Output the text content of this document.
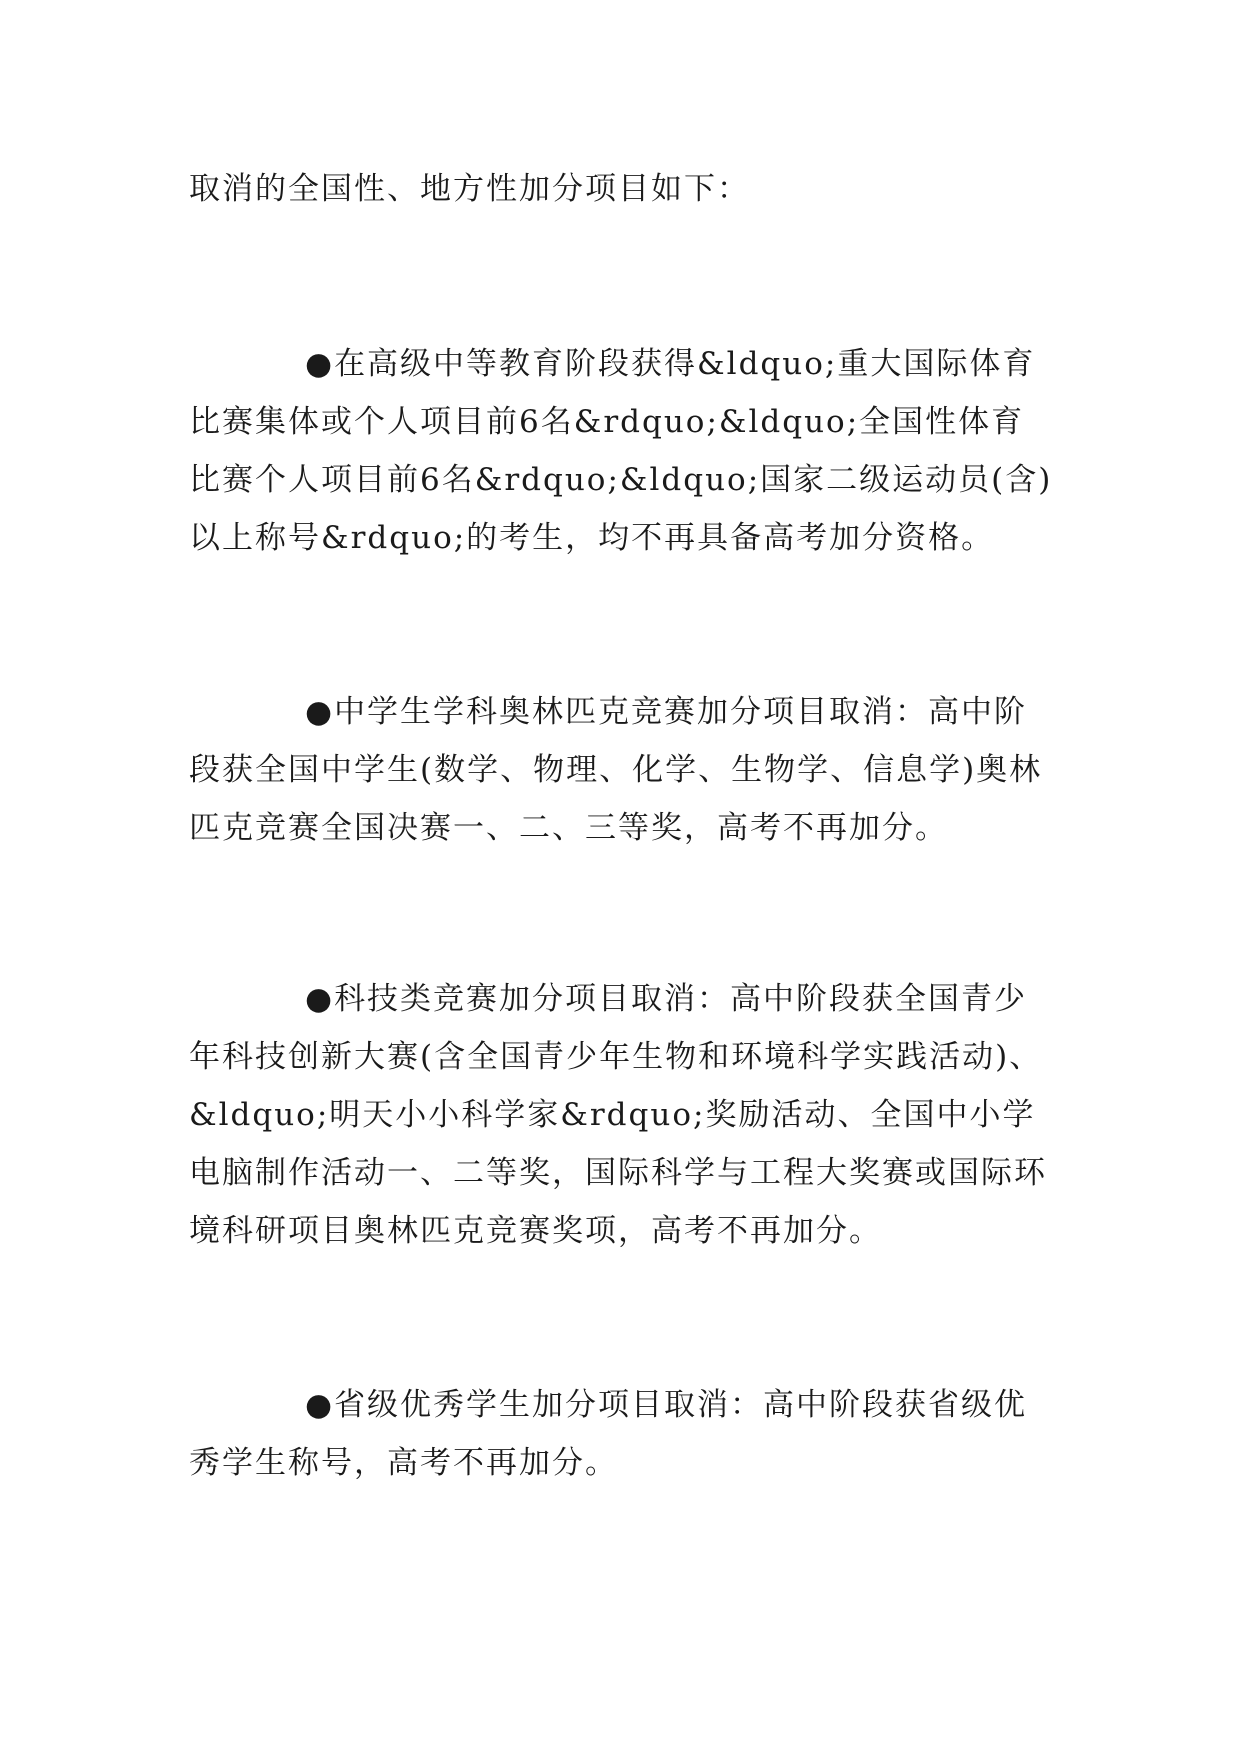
取消的全国性、地方性加分项目如下：

●在高级中等教育阶段获得&ldquo;重大国际体育比赛集体或个人项目前6名&rdquo;&ldquo;全国性体育比赛个人项目前6名&rdquo;&ldquo;国家二级运动员(含)以上称号&rdquo;的考生，均不再具备高考加分资格。

●中学生学科奥林匹克竞赛加分项目取消：高中阶段获全国中学生(数学、物理、化学、生物学、信息学)奥林匹克竞赛全国决赛一、二、三等奖，高考不再加分。

●科技类竞赛加分项目取消：高中阶段获全国青少年科技创新大赛(含全国青少年生物和环境科学实践活动)、&ldquo;明天小小科学家&rdquo;奖励活动、全国中小学电脑制作活动一、二等奖，国际科学与工程大奖赛或国际环境科研项目奥林匹克竞赛奖项，高考不再加分。

●省级优秀学生加分项目取消：高中阶段获省级优秀学生称号，高考不再加分。
